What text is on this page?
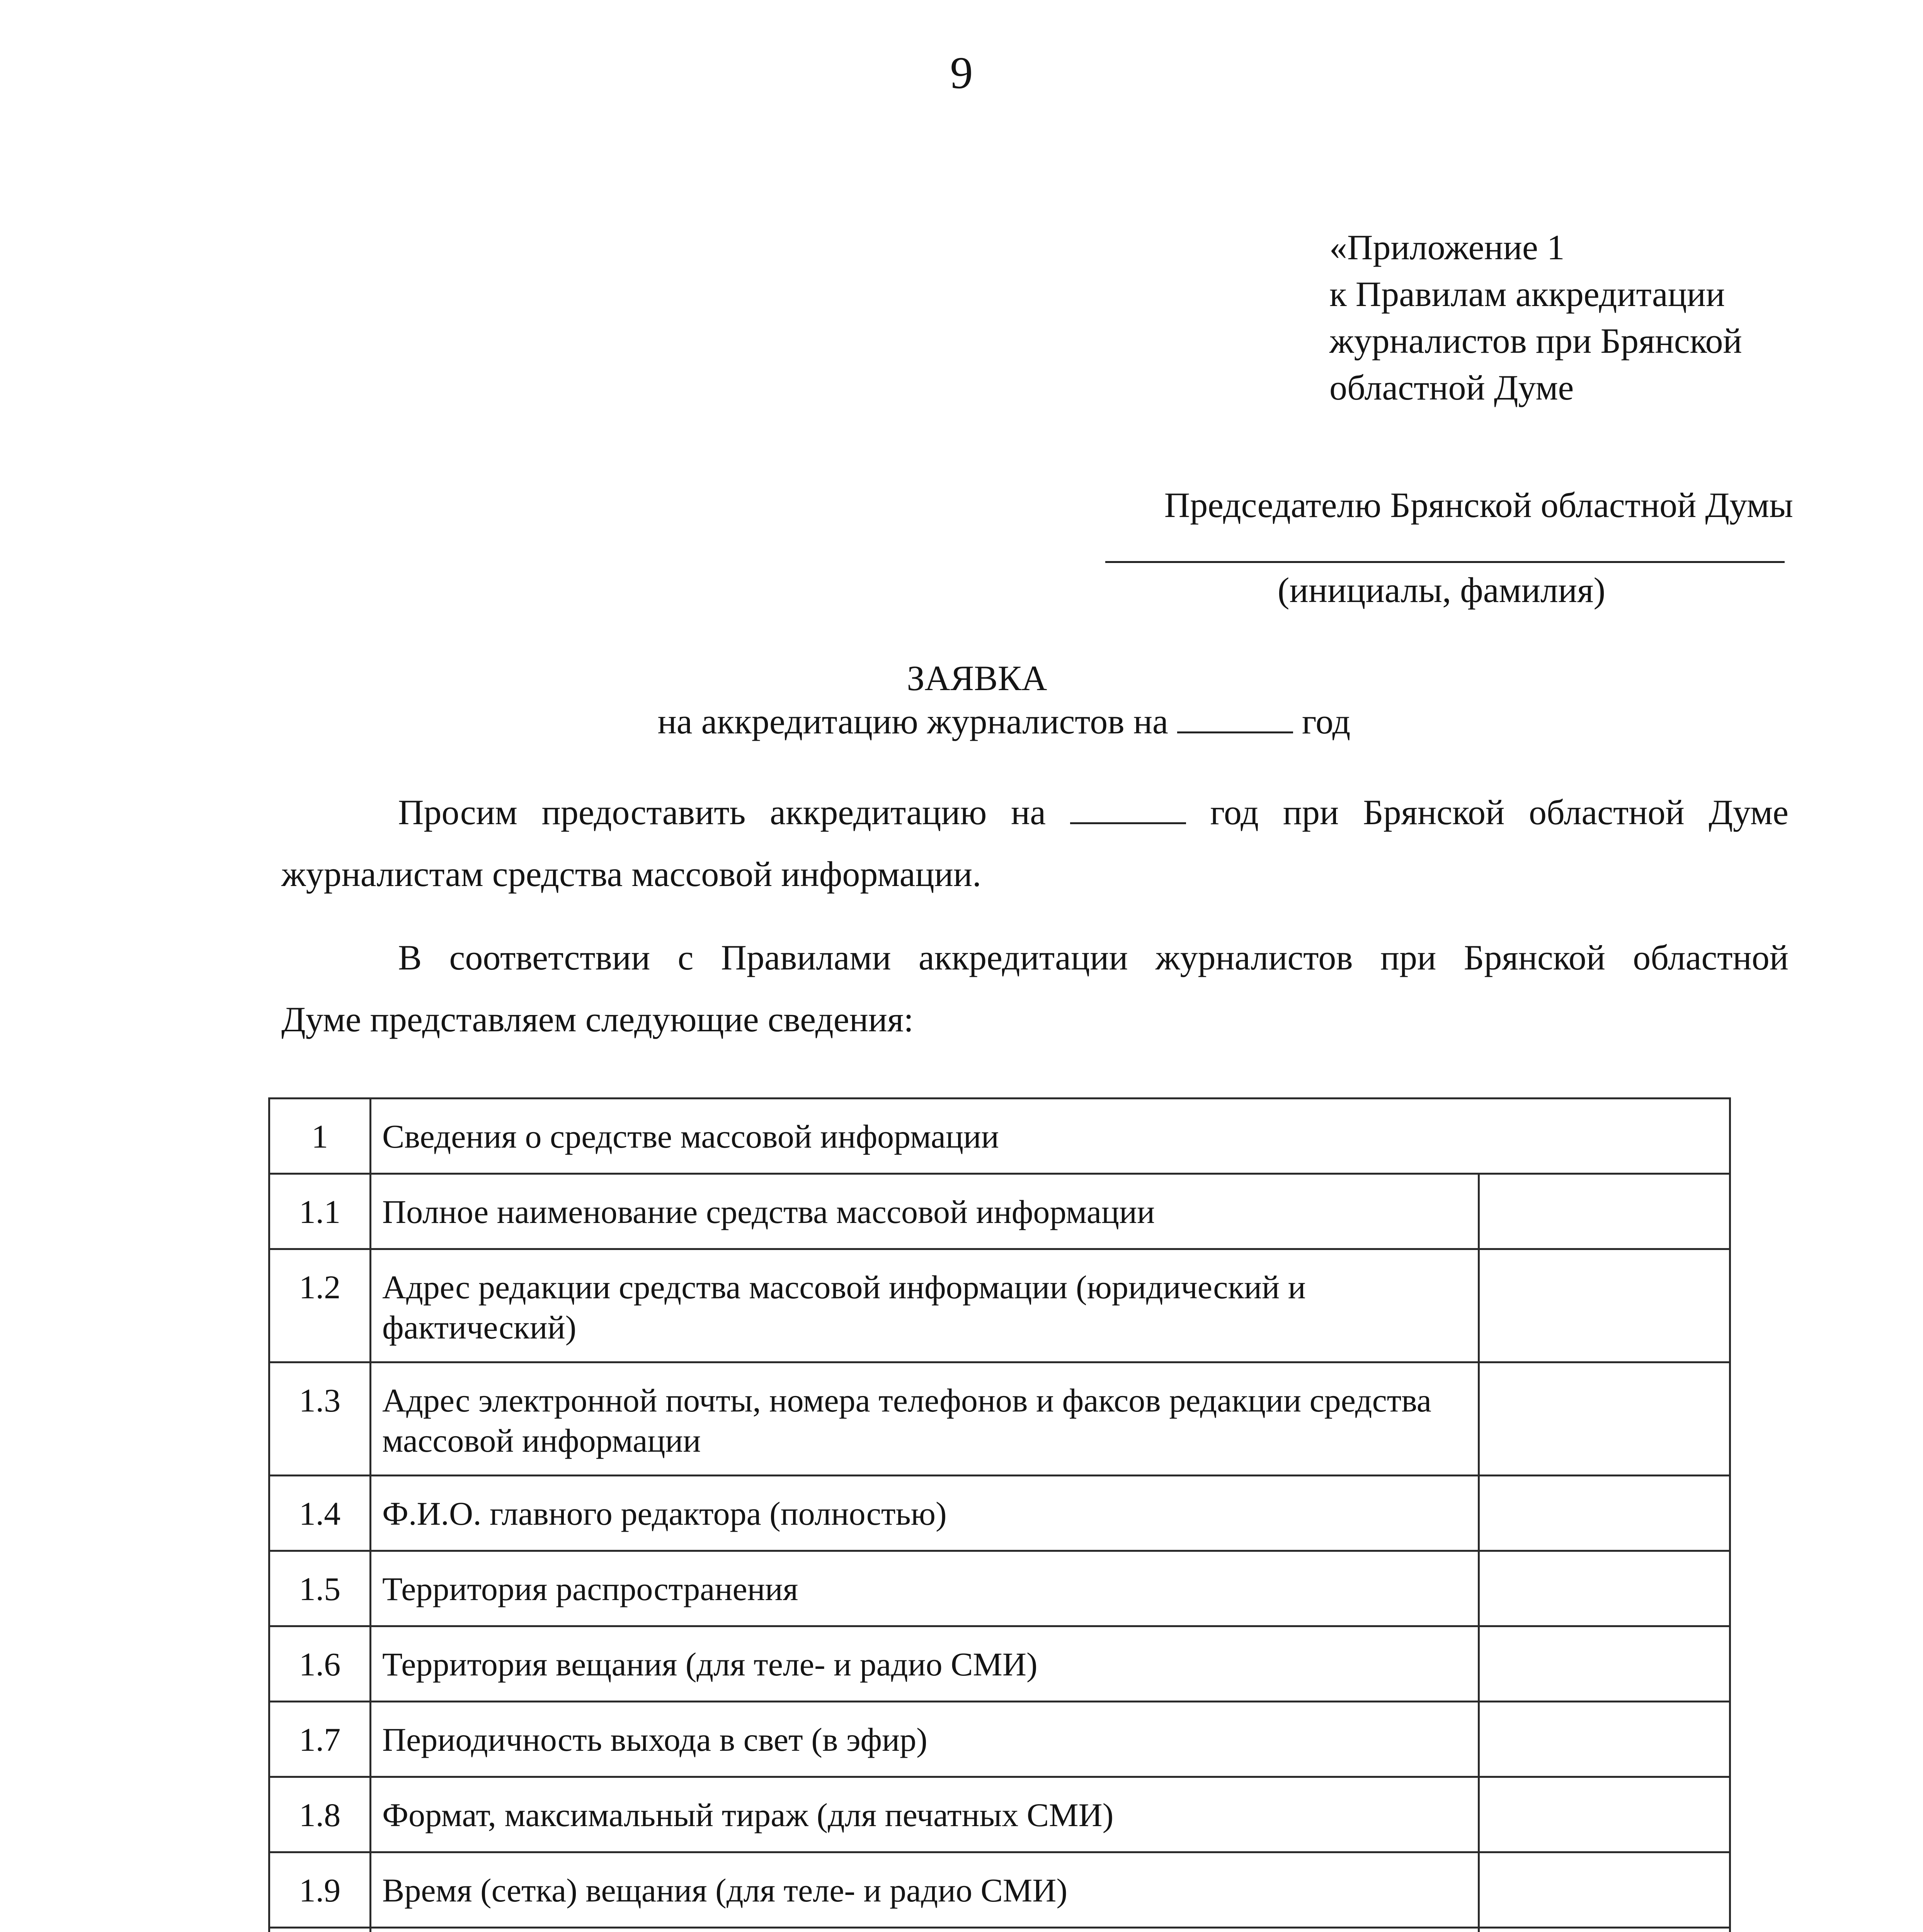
9
«Приложение 1
к Правилам аккредитации
журналистов при Брянской
областной Думе
Председателю Брянской областной Думы
(инициалы, фамилия)
ЗАЯВКА
на аккредитацию журналистов на	год
Просим предоставить аккредитацию на	год при Брянской областной Думе
журналистам средства массовой информации.
В соответствии с Правилами аккредитации журналистов при Брянской областной
Думе представляем следующие сведения:
1	Сведения о средстве массовой информации	
1.1	Полное наименование средства массовой информации	
1.2	Адрес редакции средства массовой информации (юридический и фактический)	
1.3	Адрес электронной почты, номера телефонов и факсов редакции средства массовой информации	
1.4	Ф.И.О. главного редактора (полностью)	
1.5	Территория распространения	
1.6	Территория вещания (для теле- и радио СМИ)	
1.7	Периодичность выхода в свет (в эфир)	
1.8	Формат, максимальный тираж (для печатных СМИ)	
1.9	Время (сетка) вещания (для теле- и радио СМИ)	
